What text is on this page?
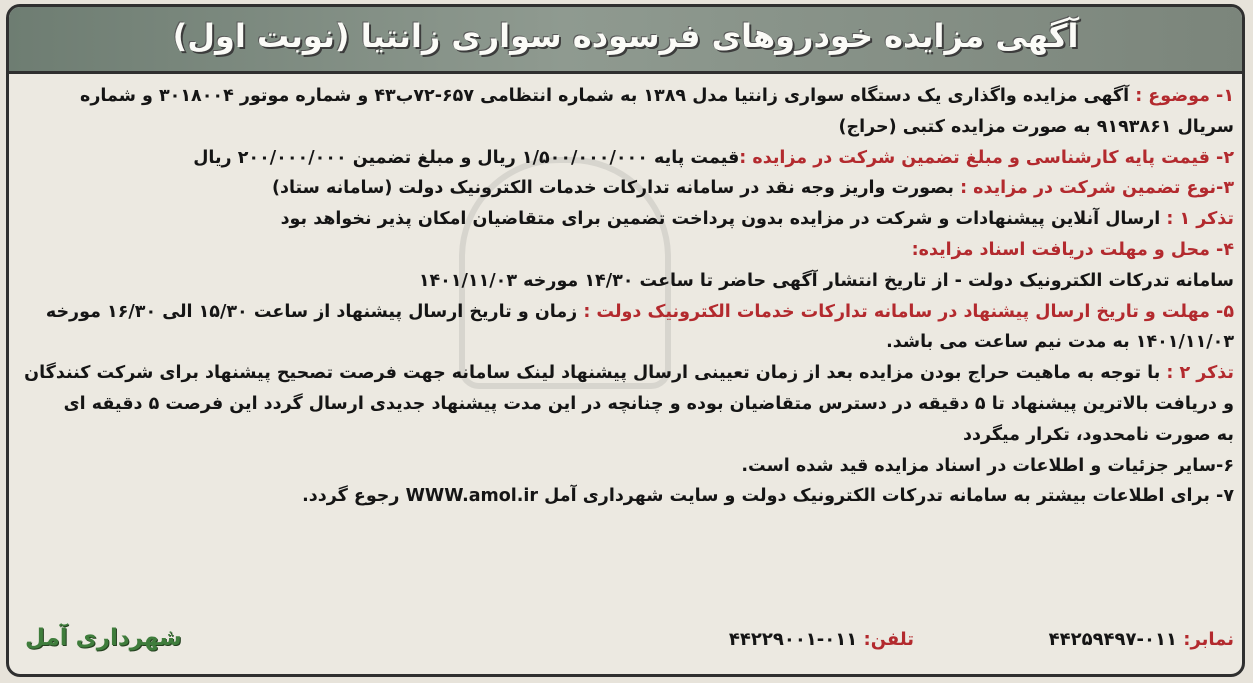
آگهی مزایده خودروهای فرسوده سواری زانتیا (نوبت اول)
۱- موضوع : آگهی مزایده واگذاری یک دستگاه سواری زانتیا مدل ۱۳۸۹ به شماره انتظامی ۶۵۷-۷۲ب۴۳ و شماره موتور ۳۰۱۸۰۰۴ و شماره
سریال ۹۱۹۳۸۶۱ به صورت مزایده کتبی (حراج)
۲- قیمت پایه کارشناسی و مبلغ تضمین شرکت در مزایده :قیمت پایه ۱/۵۰۰/۰۰۰/۰۰۰ ریال و مبلغ تضمین ۲۰۰/۰۰۰/۰۰۰ ریال
۳-نوع تضمین شرکت در مزایده : بصورت واریز وجه نقد در سامانه تدارکات خدمات الکترونیک دولت (سامانه ستاد)
تذکر ۱ : ارسال آنلاین پیشنهادات و شرکت در مزایده بدون پرداخت تضمین برای متقاضیان امکان پذیر نخواهد بود
۴- محل و مهلت دریافت اسناد مزایده:
سامانه تدرکات الکترونیک دولت - از تاریخ انتشار آگهی حاضر تا ساعت ۱۴/۳۰ مورخه ۱۴۰۱/۱۱/۰۳
۵- مهلت و تاریخ ارسال پیشنهاد در سامانه تدارکات خدمات الکترونیک دولت : زمان و تاریخ ارسال پیشنهاد از ساعت ۱۵/۳۰ الی ۱۶/۳۰ مورخه
۱۴۰۱/۱۱/۰۳ به مدت نیم ساعت می باشد.
تذکر ۲ : با توجه به ماهیت حراج بودن مزایده بعد از زمان تعیینی ارسال پیشنهاد لینک سامانه جهت فرصت تصحیح پیشنهاد برای شرکت کنندگان
و دریافت بالاترین پیشنهاد تا ۵ دقیقه در دسترس متقاضیان بوده و چنانچه در این مدت پیشنهاد جدیدی ارسال گردد این فرصت ۵ دقیقه ای
به صورت نامحدود، تکرار میگردد
۶-سایر جزئیات و اطلاعات در اسناد مزایده قید شده است.
۷- برای اطلاعات بیشتر به سامانه تدرکات الکترونیک دولت و سایت شهرداری آمل WWW.amol.ir رجوع گردد.
نمابر: ۰۱۱-۴۴۲۵۹۴۹۷
تلفن: ۰۱۱-۴۴۲۲۹۰۰۱
شهرداری آمل
